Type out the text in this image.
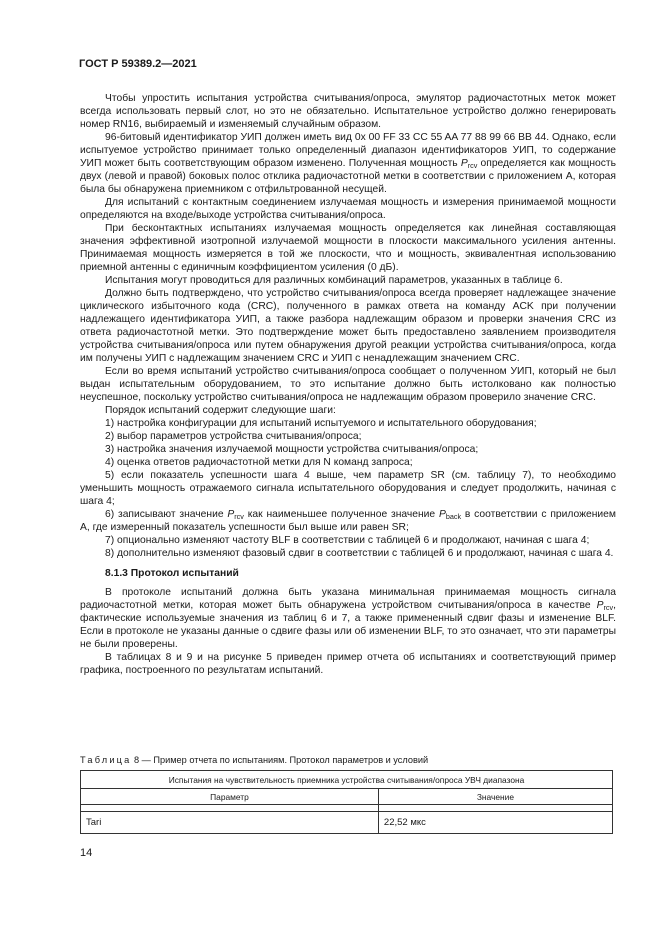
ГОСТ Р 59389.2—2021

Чтобы упростить испытания устройства считывания/опроса, эмулятор радиочастотных меток может всегда использовать первый слот, но это не обязательно. Испытательное устройство должно генерировать номер RN16, выбираемый и изменяемый случайным образом.

96-битовый идентификатор УИП должен иметь вид 0x 00 FF 33 CC 55 AA 77 88 99 66 BB 44. Однако, если испытуемое устройство принимает только определенный диапазон идентификаторов УИП, то содержание УИП может быть соответствующим образом изменено. Полученная мощность $P_{rcv}$ определяется как мощность двух (левой и правой) боковых полос отклика радиочастотной метки в соответствии с приложением А, которая была бы обнаружена приемником с отфильтрованной несущей.

Для испытаний с контактным соединением излучаемая мощность и измерения принимаемой мощности определяются на входе/выходе устройства считывания/опроса.

При бесконтактных испытаниях излучаемая мощность определяется как линейная составляющая значения эффективной изотропной излучаемой мощности в плоскости максимального усиления антенны. Принимаемая мощность измеряется в той же плоскости, что и мощность, эквивалентная использованию приемной антенны с единичным коэффициентом усиления (0 дБ).

Испытания могут проводиться для различных комбинаций параметров, указанных в таблице 6.

Должно быть подтверждено, что устройство считывания/опроса всегда проверяет надлежащее значение циклического избыточного кода (CRC), полученного в рамках ответа на команду ACK при получении надлежащего идентификатора УИП, а также разбора надлежащим образом и проверки значения CRC из ответа радиочастотной метки. Это подтверждение может быть предоставлено заявлением производителя устройства считывания/опроса или путем обнаружения другой реакции устройства считывания/опроса, когда им получены УИП с надлежащим значением CRC и УИП с ненадлежащим значением CRC.

Если во время испытаний устройство считывания/опроса сообщает о полученном УИП, который не был выдан испытательным оборудованием, то это испытание должно быть истолковано как полностью неуспешное, поскольку устройство считывания/опроса не надлежащим образом проверило значение CRC.

Порядок испытаний содержит следующие шаги:

1) настройка конфигурации для испытаний испытуемого и испытательного оборудования;

2) выбор параметров устройства считывания/опроса;

3) настройка значения излучаемой мощности устройства считывания/опроса;

4) оценка ответов радиочастотной метки для N команд запроса;

5) если показатель успешности шага 4 выше, чем параметр SR (см. таблицу 7), то необходимо уменьшить мощность отражаемого сигнала испытательного оборудования и следует продолжить, начиная с шага 4;

6) записывают значение $P_{rcv}$ как наименьшее полученное значение $P_{back}$ в соответствии с приложением А, где измеренный показатель успешности был выше или равен SR;

7) опционально изменяют частоту BLF в соответствии с таблицей 6 и продолжают, начиная с шага 4;

8) дополнительно изменяют фазовый сдвиг в соответствии с таблицей 6 и продолжают, начиная с шага 4.

8.1.3 Протокол испытаний

В протоколе испытаний должна быть указана минимальная принимаемая мощность сигнала радиочастотной метки, которая может быть обнаружена устройством считывания/опроса в качестве $P_{rcv}$, фактические используемые значения из таблиц 6 и 7, а также примененный сдвиг фазы и изменение BLF. Если в протоколе не указаны данные о сдвиге фазы или об изменении BLF, то это означает, что эти параметры не были проверены.

В таблицах 8 и 9 и на рисунке 5 приведен пример отчета об испытаниях и соответствующий пример графика, построенного по результатам испытаний.

Таблица 8 — Пример отчета по испытаниям. Протокол параметров и условий
Испытания на чувствительность приемника устройства считывания/опроса УВЧ диапазона	
Параметр	Значение

Tari	22,52 мкс
14
